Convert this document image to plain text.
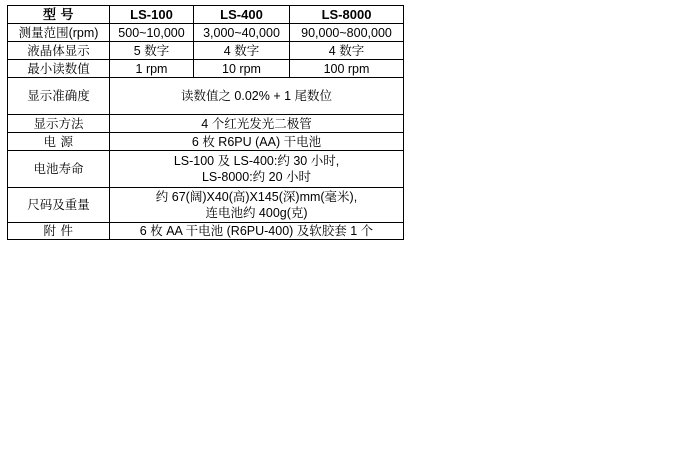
型 号	LS-100	LS-400	LS-8000
测量范围(rpm)	500~10,000	3,000~40,000	90,000~800,000
液晶体显示	5 数字	4 数字	4 数字
最小读数值	1 rpm	10 rpm	100 rpm
显示准确度	读数值之 0.02% + 1 尾数位		
显示方法	4 个红光发光二极管		
电 源	6 枚 R6PU (AA) 干电池		
电池寿命	LS-100 及 LS-400:约 30 小时,
LS-8000:约 20 小时		

尺码及重量	约 67(阔)X40(高)X145(深)mm(毫米),
连电池约 400g(克)		

附 件	6 枚 AA 干电池 (R6PU-400) 及软胶套 1 个		
